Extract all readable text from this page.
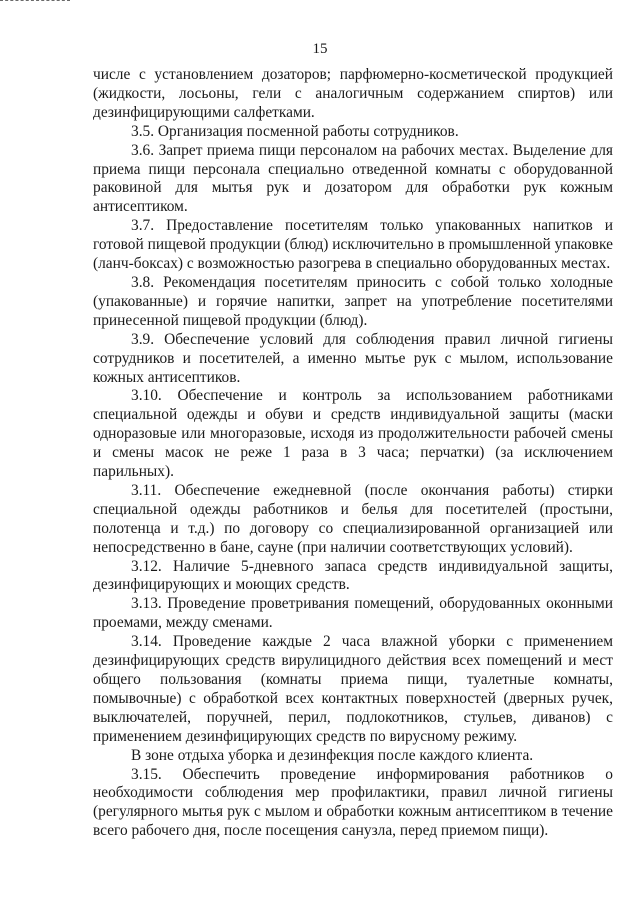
15

числе с установлением дозаторов; парфюмерно-косметической продукцией (жидкости, лосьоны, гели с аналогичным содержанием спиртов) или дезинфицирующими салфетками.

3.5. Организация посменной работы сотрудников.

3.6. Запрет приема пищи персоналом на рабочих местах. Выделение для приема пищи персонала специально отведенной комнаты с оборудованной раковиной для мытья рук и дозатором для обработки рук кожным антисептиком.

3.7. Предоставление посетителям только упакованных напитков и готовой пищевой продукции (блюд) исключительно в промышленной упаковке (ланч-боксах) с возможностью разогрева в специально оборудованных местах.

3.8. Рекомендация посетителям приносить с собой только холодные (упакованные) и горячие напитки, запрет на употребление посетителями принесенной пищевой продукции (блюд).

3.9. Обеспечение условий для соблюдения правил личной гигиены сотрудников и посетителей, а именно мытье рук с мылом, использование кожных антисептиков.

3.10. Обеспечение и контроль за использованием работниками специальной одежды и обуви и средств индивидуальной защиты (маски одноразовые или многоразовые, исходя из продолжительности рабочей смены и смены масок не реже 1 раза в 3 часа; перчатки) (за исключением парильных).

3.11. Обеспечение ежедневной (после окончания работы) стирки специальной одежды работников и белья для посетителей (простыни, полотенца и т.д.) по договору со специализированной организацией или непосредственно в бане, сауне (при наличии соответствующих условий).

3.12. Наличие 5-дневного запаса средств индивидуальной защиты, дезинфицирующих и моющих средств.

3.13. Проведение проветривания помещений, оборудованных оконными проемами, между сменами.

3.14. Проведение каждые 2 часа влажной уборки с применением дезинфицирующих средств вирулицидного действия всех помещений и мест общего пользования (комнаты приема пищи, туалетные комнаты, помывочные) с обработкой всех контактных поверхностей (дверных ручек, выключателей, поручней, перил, подлокотников, стульев, диванов) с применением дезинфицирующих средств по вирусному режиму.

В зоне отдыха уборка и дезинфекция после каждого клиента.

3.15. Обеспечить проведение информирования работников о необходимости соблюдения мер профилактики, правил личной гигиены (регулярного мытья рук с мылом и обработки кожным антисептиком в течение всего рабочего дня, после посещения санузла, перед приемом пищи).
